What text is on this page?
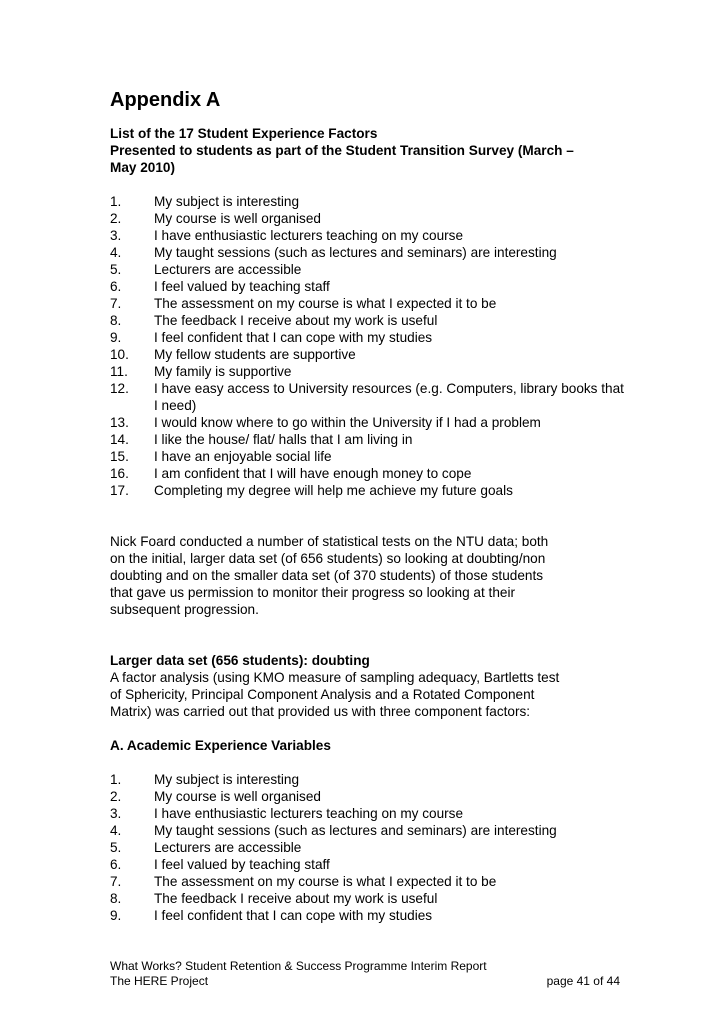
Appendix A
List of the 17 Student Experience Factors
Presented to students as part of the Student Transition Survey (March –
May 2010)
1.	My subject is interesting
2.	My course is well organised
3.	I have enthusiastic lecturers teaching on my course
4.	My taught sessions (such as lectures and seminars) are interesting
5.	Lecturers are accessible
6.	I feel valued by teaching staff
7.	The assessment on my course is what I expected it to be
8.	The feedback I receive about my work is useful
9.	I feel confident that I can cope with my studies
10.	My fellow students are supportive
11.	My family is supportive
12.	I have easy access to University resources (e.g. Computers, library books that I need)
13.	I would know where to go within the University if I had a problem
14.	I like the house/ flat/ halls that I am living in
15.	I have an enjoyable social life
16.	I am confident that I will have enough money to cope
17.	Completing my degree will help me achieve my future goals
Nick Foard conducted a number of statistical tests on the NTU data; both
on the initial, larger data set (of 656 students) so looking at doubting/non
doubting and on the smaller data set (of 370 students) of those students
that gave us permission to monitor their progress so looking at their
subsequent progression.
Larger data set (656 students): doubting
A factor analysis (using KMO measure of sampling adequacy, Bartletts test
of Sphericity, Principal Component Analysis and a Rotated Component
Matrix) was carried out that provided us with three component factors:
A. Academic Experience Variables
1.	My subject is interesting
2.	My course is well organised
3.	I have enthusiastic lecturers teaching on my course
4.	My taught sessions (such as lectures and seminars) are interesting
5.	Lecturers are accessible
6.	I feel valued by teaching staff
7.	The assessment on my course is what I expected it to be
8.	The feedback I receive about my work is useful
9.	I feel confident that I can cope with my studies
What Works? Student Retention & Success Programme Interim Report
The HERE Project	page 41 of 44
